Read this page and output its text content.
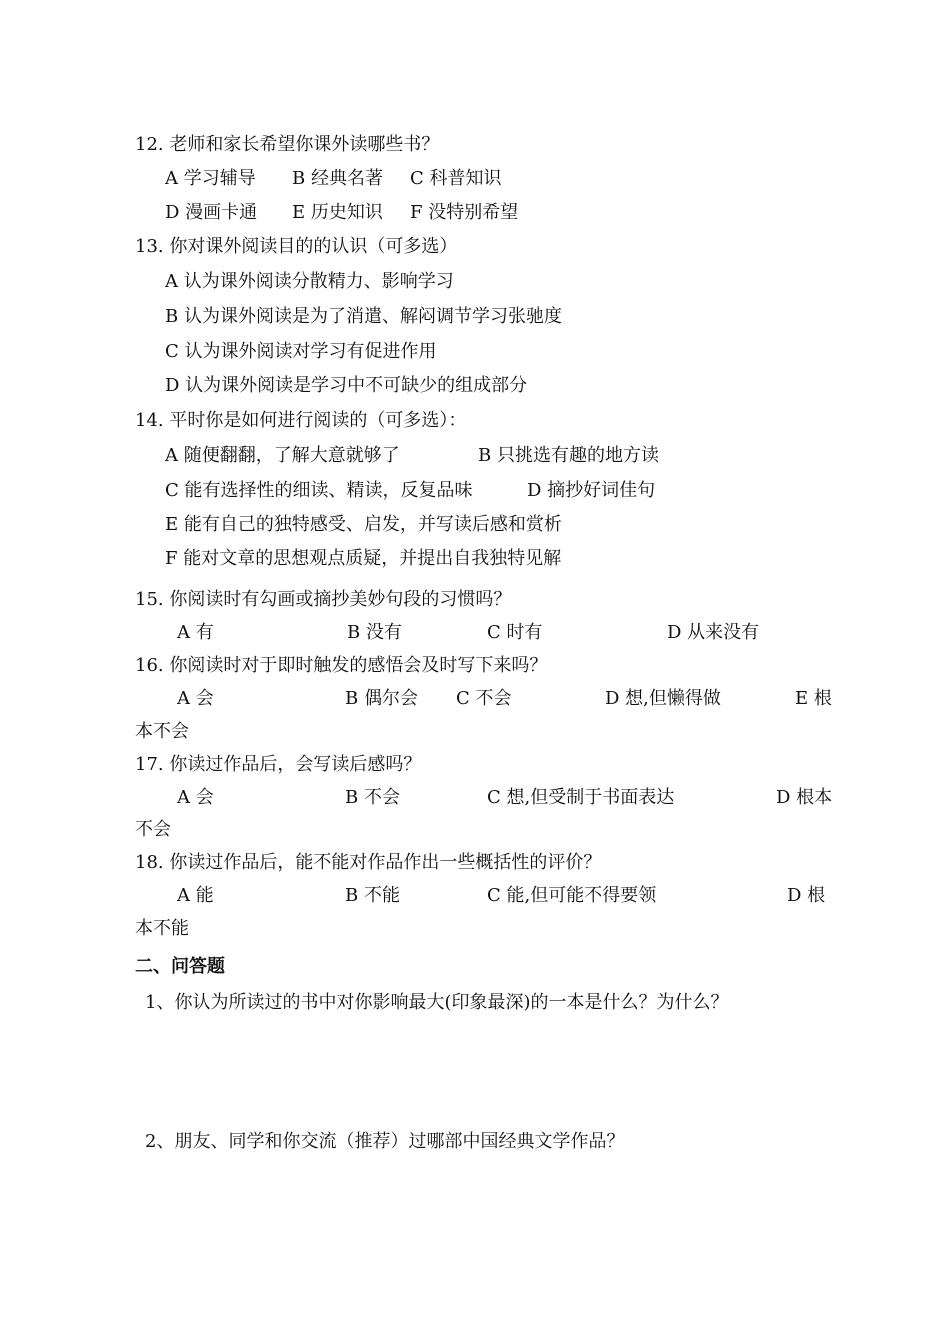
12. 老师和家长希望你课外读哪些书？
A 学习辅导 B 经典名著 C 科普知识
D 漫画卡通 E 历史知识 F 没特别希望
13. 你对课外阅读目的的认识（可多选）
A 认为课外阅读分散精力、影响学习
B 认为课外阅读是为了消遣、解闷调节学习张驰度
C 认为课外阅读对学习有促进作用
D 认为课外阅读是学习中不可缺少的组成部分
14. 平时你是如何进行阅读的（可多选）：
A 随便翻翻，了解大意就够了	B 只挑选有趣的地方读
C 能有选择性的细读、精读，反复品味	D 摘抄好词佳句
E 能有自己的独特感受、启发，并写读后感和赏析
F 能对文章的思想观点质疑，并提出自我独特见解
15. 你阅读时有勾画或摘抄美妙句段的习惯吗？
A 有	B 没有	C 时有	D 从来没有
16. 你阅读时对于即时触发的感悟会及时写下来吗？
A 会	B 偶尔会 C 不会	D 想,但懒得做	E 根
本不会
17. 你读过作品后，会写读后感吗？
A 会	B 不会	C 想,但受制于书面表达	D 根本
不会
18. 你读过作品后，能不能对作品作出一些概括性的评价？
A 能	B 不能	C 能,但可能不得要领	D 根
本不能
二、问答题
1、你认为所读过的书中对你影响最大(印象最深)的一本是什么？为什么？
2、朋友、同学和你交流（推荐）过哪部中国经典文学作品？
